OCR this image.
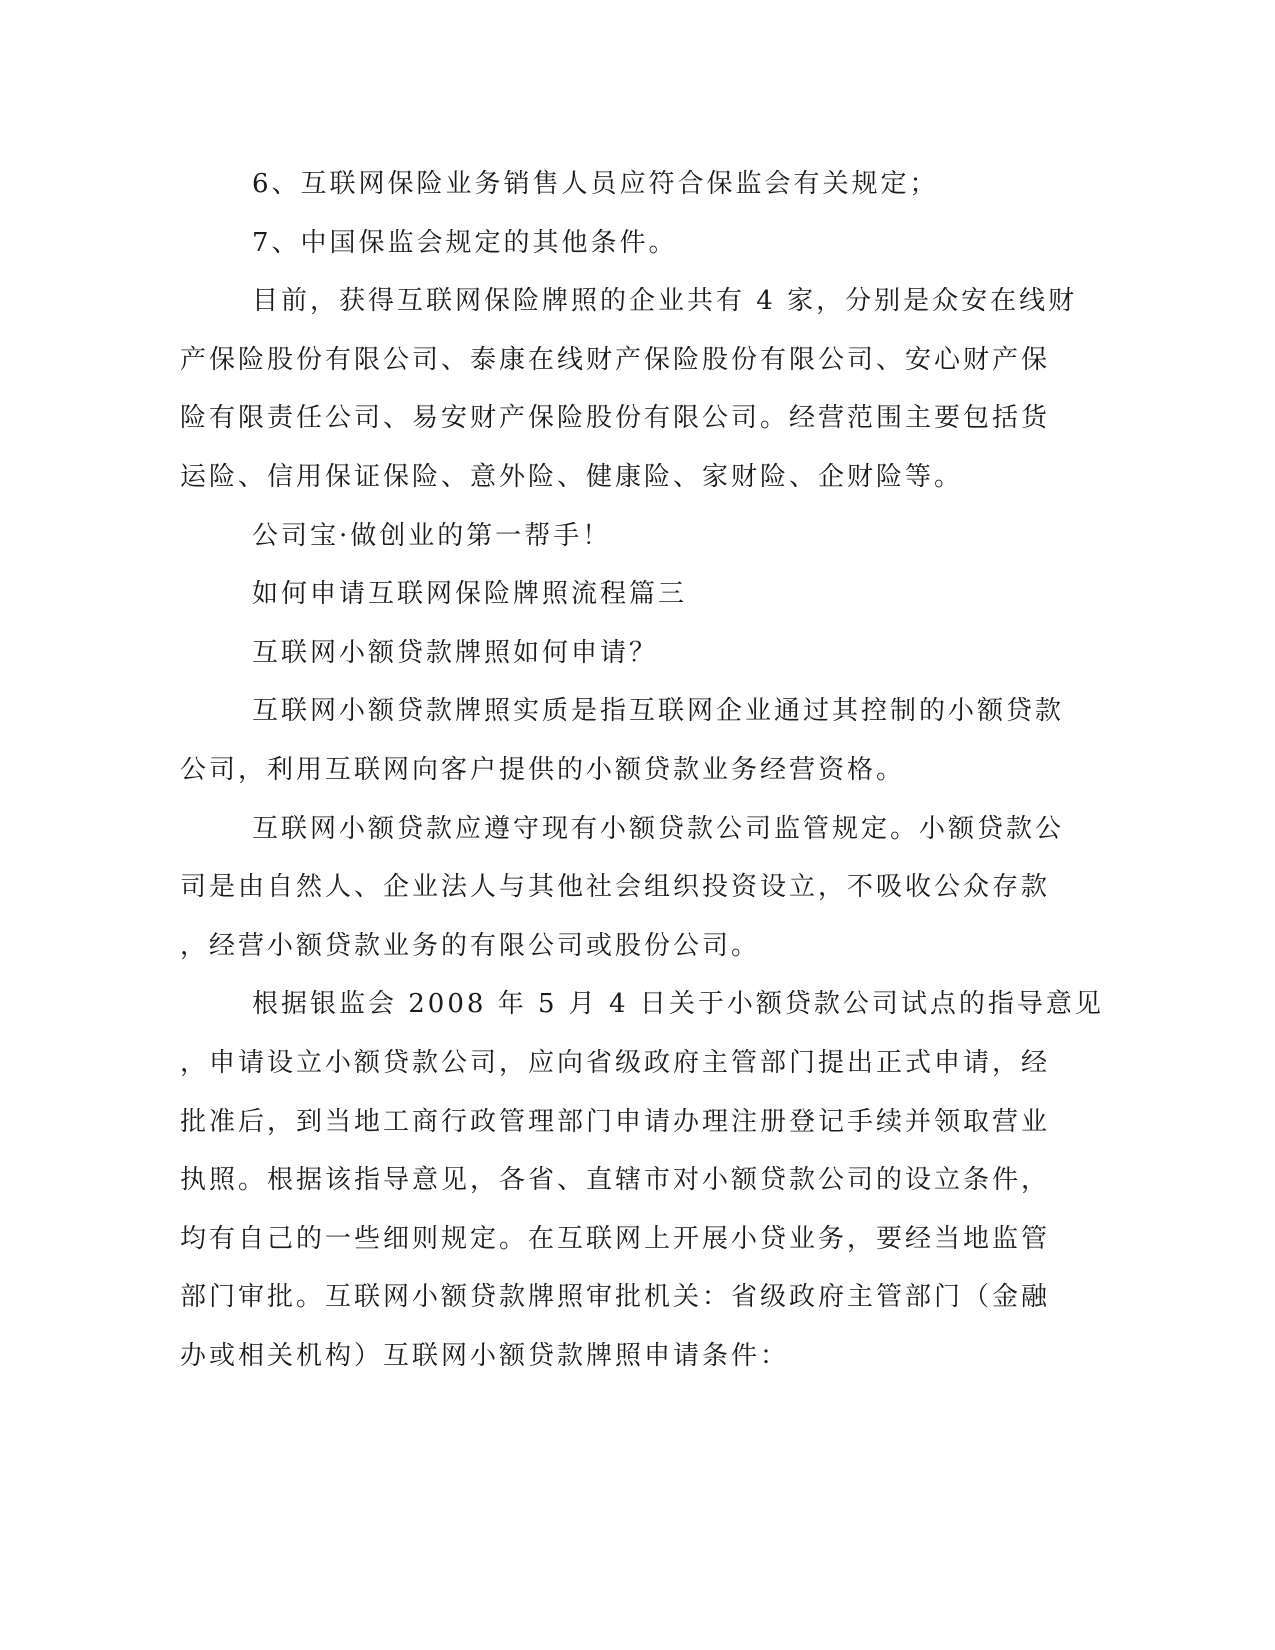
6、互联网保险业务销售人员应符合保监会有关规定；
7、中国保监会规定的其他条件。
目前，获得互联网保险牌照的企业共有 4 家，分别是众安在线财
产保险股份有限公司、泰康在线财产保险股份有限公司、安心财产保
险有限责任公司、易安财产保险股份有限公司。经营范围主要包括货
运险、信用保证保险、意外险、健康险、家财险、企财险等。
公司宝·做创业的第一帮手！
如何申请互联网保险牌照流程篇三
互联网小额贷款牌照如何申请？
互联网小额贷款牌照实质是指互联网企业通过其控制的小额贷款
公司，利用互联网向客户提供的小额贷款业务经营资格。
互联网小额贷款应遵守现有小额贷款公司监管规定。小额贷款公
司是由自然人、企业法人与其他社会组织投资设立，不吸收公众存款
，经营小额贷款业务的有限公司或股份公司。
根据银监会 2008 年 5 月 4 日关于小额贷款公司试点的指导意见
，申请设立小额贷款公司，应向省级政府主管部门提出正式申请，经
批准后，到当地工商行政管理部门申请办理注册登记手续并领取营业
执照。根据该指导意见，各省、直辖市对小额贷款公司的设立条件，
均有自己的一些细则规定。在互联网上开展小贷业务，要经当地监管
部门审批。互联网小额贷款牌照审批机关：省级政府主管部门（金融
办或相关机构）互联网小额贷款牌照申请条件：
